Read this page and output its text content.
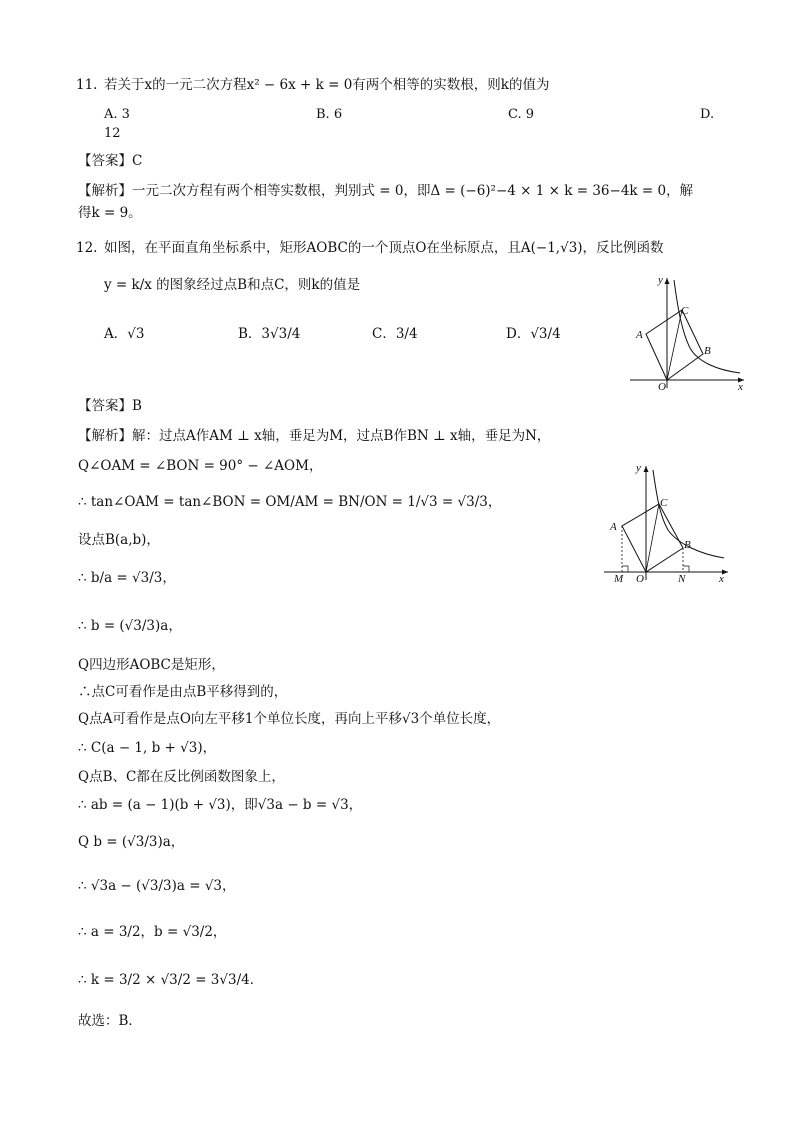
11. 若关于x的一元二次方程x² − 6x + k = 0有两个相等的实数根，则k的值为
A. 3	B. 6	C. 9	D.
12
【答案】C
【解析】一元二次方程有两个相等实数根，判别式 = 0，即Δ = (−6)²−4 × 1 × k = 36−4k = 0，解
得k = 9。
12. 如图，在平面直角坐标系中，矩形AOBC的一个顶点O在坐标原点，且A(−1,√3)，反比例函数
y = k/x 的图象经过点B和点C，则k的值是
A．√3	B．3√3/4	C．3/4	D．√3/4
y
x
O
A
B
C
【答案】B
y
x
O
A
B
C
M	N
【解析】解：过点A作AM ⊥ x轴，垂足为M，过点B作BN ⊥ x轴，垂足为N，
Q∠OAM = ∠BON = 90° − ∠AOM，
∴ tan∠OAM = tan∠BON = OM/AM = BN/ON = 1/√3 = √3/3，
设点B(a,b)，
∴ b/a = √3/3，
∴ b = (√3/3)a，
Q四边形AOBC是矩形，
∴点C可看作是由点B平移得到的，
Q点A可看作是点O向左平移1个单位长度，再向上平移√3个单位长度，
∴ C(a − 1, b + √3)，
Q点B、C都在反比例函数图象上，
∴ ab = (a − 1)(b + √3)，即√3a − b = √3，
Q b = (√3/3)a，
∴ √3a − (√3/3)a = √3，
∴ a = 3/2，b = √3/2，
∴ k = 3/2 × √3/2 = 3√3/4．
故选：B．
